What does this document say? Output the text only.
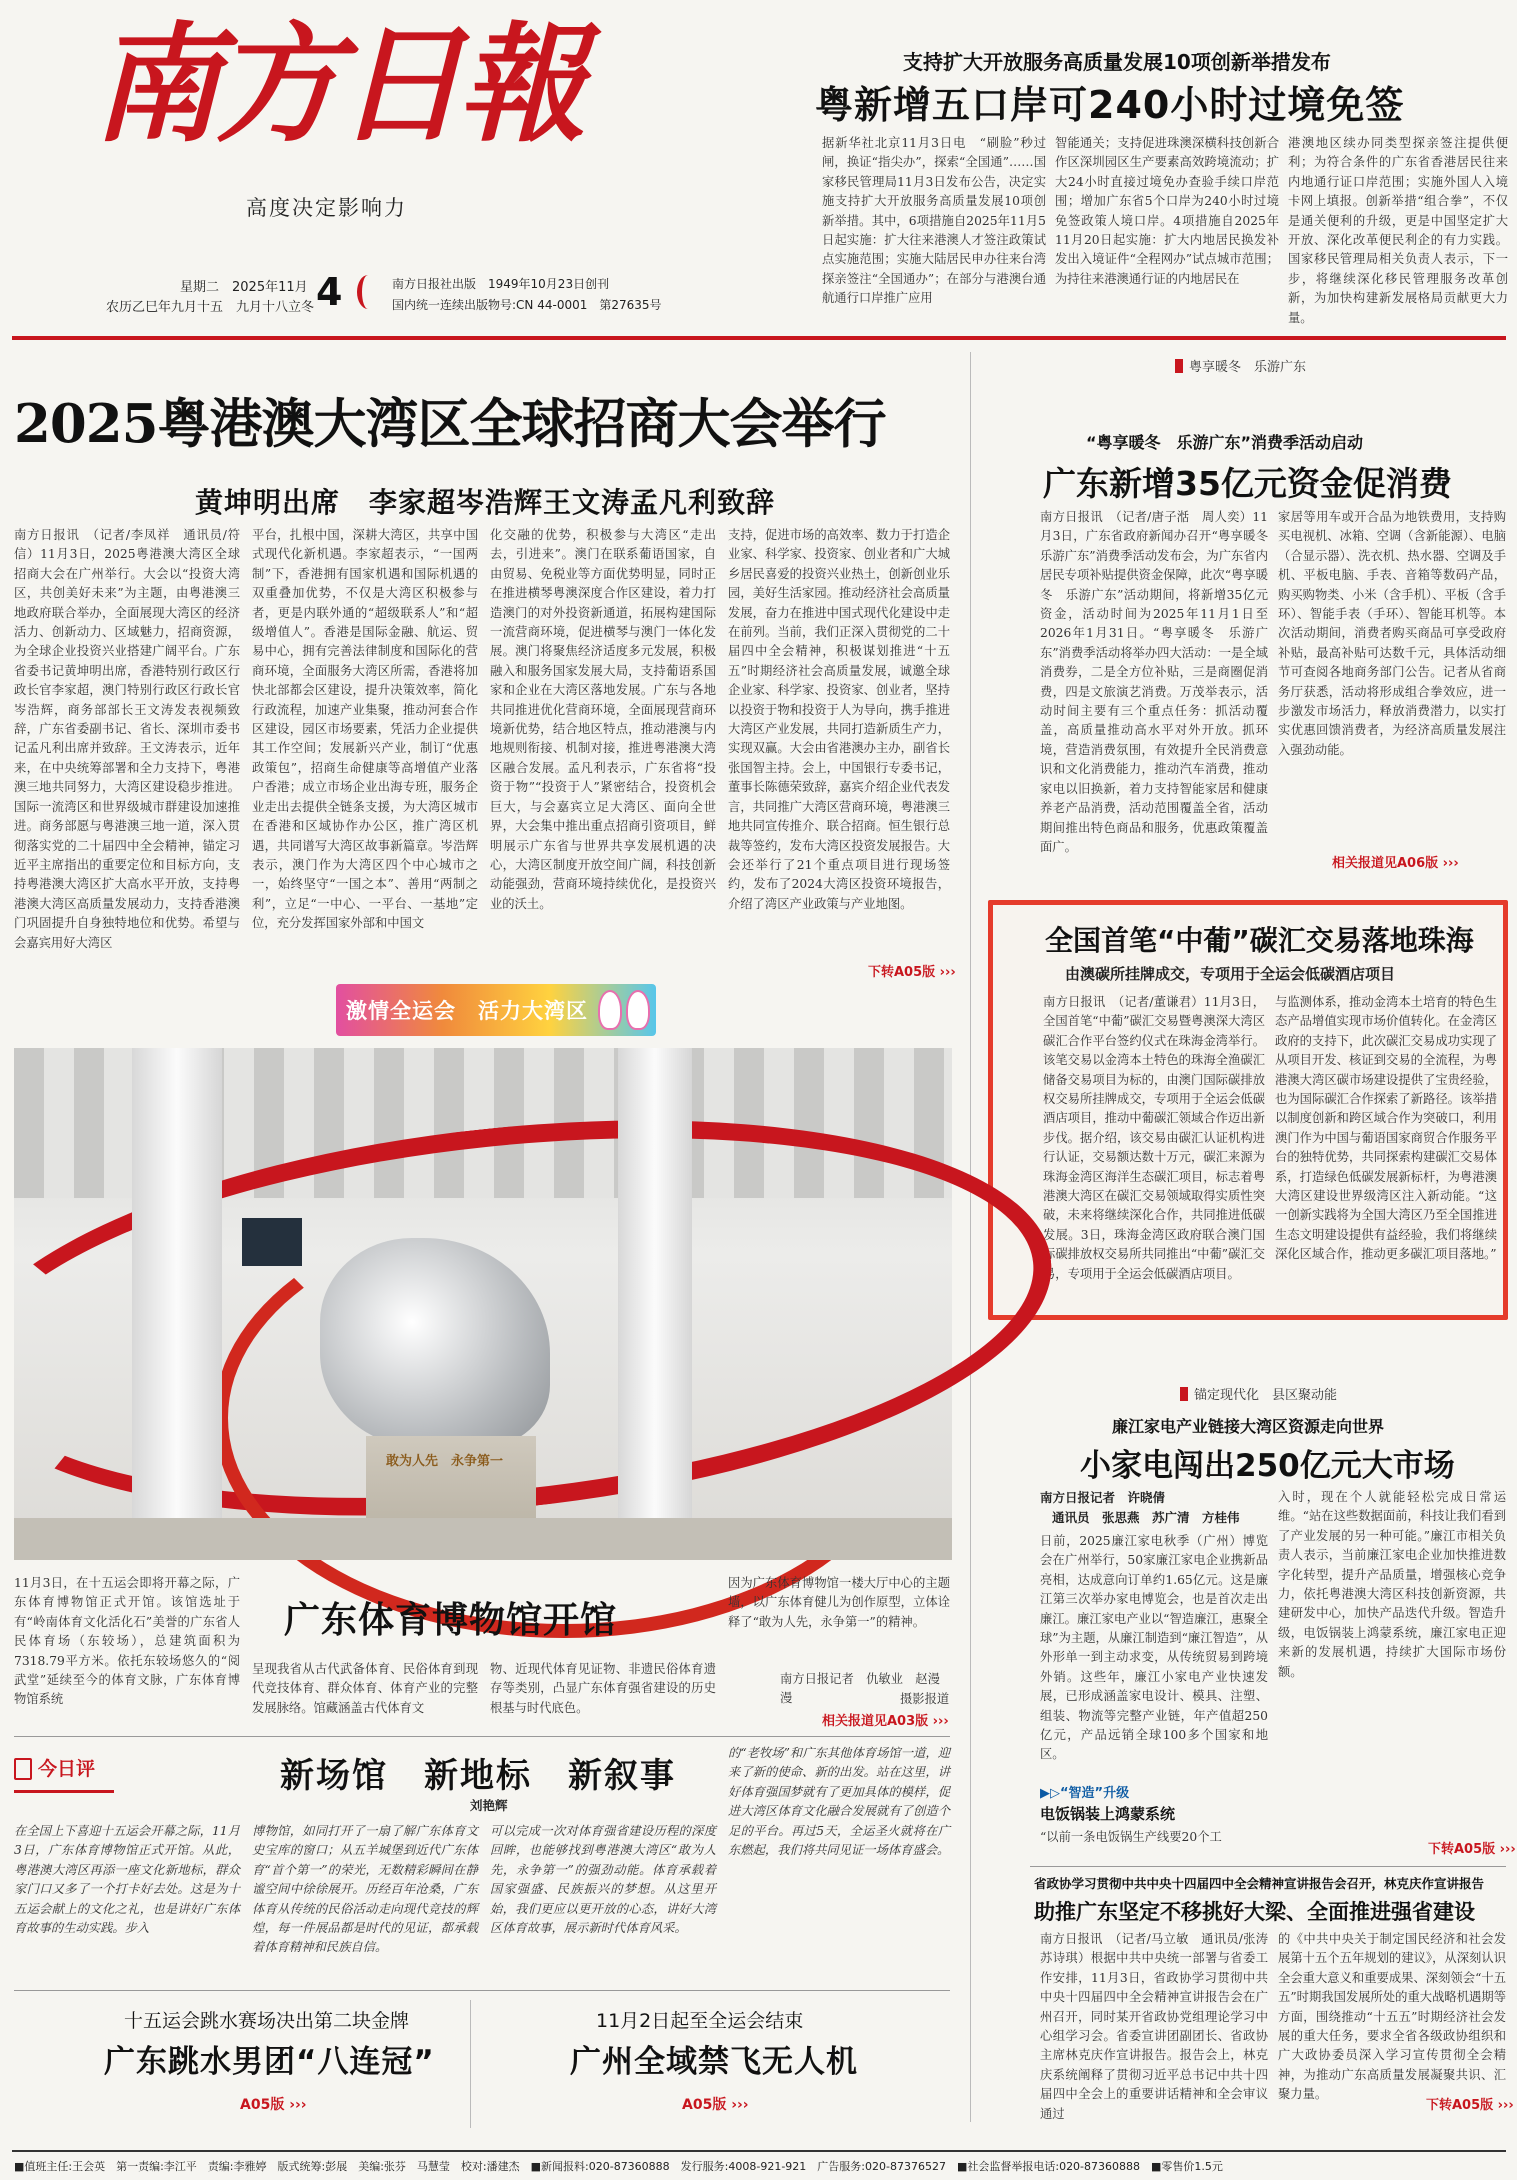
南方日報
高度决定影响力
星期二　2025年11月
农历乙巳年九月十五　九月十八立冬 4	南方日报社出版　1949年10月23日创刊
国内统一连续出版物号:CN 44-0001　第27635号
支持扩大开放服务高质量发展10项创新举措发布
粤新增五口岸可240小时过境免签
据新华社北京11月3日电　“刷脸”秒过闸，换证“指尖办”，探索“全国通”……国家移民管理局11月3日发布公告，决定实施支持扩大开放服务高质量发展10项创新举措。其中，6项措施自2025年11月5日起实施：扩大往来港澳人才签注政策试点实施范围；实施大陆居民申办往来台湾探亲签注“全国通办”；在部分与港澳台通航通行口岸推广应用
智能通关；支持促进珠澳深横科技创新合作区深圳园区生产要素高效跨境流动；扩大24小时直接过境免办查验手续口岸范围；增加广东省5个口岸为240小时过境免签政策人境口岸。4项措施自2025年11月20日起实施：扩大内地居民换发补发出入境证件“全程网办”试点城市范围；为持往来港澳通行证的内地居民在
港澳地区续办同类型探亲签注提供便利；为符合条件的广东省香港居民往来内地通行证口岸范围；实施外国人入境卡网上填报。创新举措“组合拳”，不仅是通关便利的升级，更是中国坚定扩大开放、深化改革便民利企的有力实践。国家移民管理局相关负责人表示，下一步，将继续深化移民管理服务改革创新，为加快构建新发展格局贡献更大力量。
2025粤港澳大湾区全球招商大会举行
黄坤明出席　李家超岑浩辉王文涛孟凡利致辞
南方日报讯　（记者/李凤祥　通讯员/符信）11月3日，2025粤港澳大湾区全球招商大会在广州举行。大会以“投资大湾区，共创美好未来”为主题，由粤港澳三地政府联合举办，全面展现大湾区的经济活力、创新动力、区域魅力，招商资源，为全球企业投资兴业搭建广阔平台。广东省委书记黄坤明出席，香港特别行政区行政长官李家超，澳门特别行政区行政长官岑浩辉，商务部部长王文涛发表视频致辞，广东省委副书记、省长、深圳市委书记孟凡利出席并致辞。王文涛表示，近年来，在中央统筹部署和全力支持下，粤港澳三地共同努力，大湾区建设稳步推进。国际一流湾区和世界级城市群建设加速推进。商务部愿与粤港澳三地一道，深入贯彻落实党的二十届四中全会精神，锚定习近平主席指出的重要定位和目标方向，支持粤港澳大湾区扩大高水平开放，支持粤港澳大湾区高质量发展动力，支持香港澳门巩固提升自身独特地位和优势。希望与会嘉宾用好大湾区
平台，扎根中国，深耕大湾区，共享中国式现代化新机遇。李家超表示，“一国两制”下，香港拥有国家机遇和国际机遇的双重叠加优势，不仅是大湾区积极参与者，更是内联外通的“超级联系人”和“超级增值人”。香港是国际金融、航运、贸易中心，拥有完善法律制度和国际化的营商环境，全面服务大湾区所需，香港将加快北部都会区建设，提升决策效率，简化行政流程，加速产业集聚，推动河套合作区建设，园区市场要素，凭活力企业提供其工作空间；发展新兴产业，制订“优惠政策包”，招商生命健康等高增值产业落户香港；成立市场企业出海专班，服务企业走出去提供全链条支援，为大湾区城市在香港和区域协作办公区，推广湾区机遇，共同谱写大湾区故事新篇章。岑浩辉表示，澳门作为大湾区四个中心城市之一，始终坚守“一国之本”、善用“两制之利”，立足“一中心、一平台、一基地”定位，充分发挥国家外部和中国文
化交融的优势，积极参与大湾区“走出去，引进来”。澳门在联系葡语国家，自由贸易、免税业等方面优势明显，同时正在推进横琴粤澳深度合作区建设，着力打造澳门的对外投资新通道，拓展构建国际一流营商环境，促进横琴与澳门一体化发展。澳门将聚焦经济适度多元发展，积极融入和服务国家发展大局，支持葡语系国家和企业在大湾区落地发展。广东与各地共同推进优化营商环境，全面展现营商环境新优势，结合地区特点，推动港澳与内地规则衔接、机制对接，推进粤港澳大湾区融合发展。孟凡利表示，广东省将“投资于物”“投资于人”紧密结合，投资机会巨大，与会嘉宾立足大湾区、面向全世界，大会集中推出重点招商引资项目，鲜明展示广东省与世界共享发展机遇的决心，大湾区制度开放空间广阔，科技创新动能强劲，营商环境持续优化，是投资兴业的沃土。
支持，促进市场的高效率、数力于打造企业家、科学家、投资家、创业者和广大城乡居民喜爱的投资兴业热土，创新创业乐园，美好生活家园。推动经济社会高质量发展，奋力在推进中国式现代化建设中走在前列。当前，我们正深入贯彻党的二十届四中全会精神，积极谋划推进“十五五”时期经济社会高质量发展，诚邀全球企业家、科学家、投资家、创业者，坚持以投资于物和投资于人为导向，携手推进大湾区产业发展，共同打造新质生产力，实现双赢。大会由省港澳办主办，副省长张国智主持。会上，中国银行专委书记，董事长陈德荣致辞，嘉宾介绍企业代表发言，共同推广大湾区营商环境，粤港澳三地共同宣传推介、联合招商。恒生银行总裁等签约，发布大湾区投资发展报告。大会还举行了21个重点项目进行现场签约，发布了2024大湾区投资环境报告，介绍了湾区产业政策与产业地图。
下转A05版 ›››
粤享暖冬　乐游广东
“粤享暖冬　乐游广东”消费季活动启动
广东新增35亿元资金促消费
南方日报讯　（记者/唐子湉　周人奕）11月3日，广东省政府新闻办召开“粤享暖冬　乐游广东”消费季活动发布会，为广东省内居民专项补贴提供资金保障，此次“粤享暖冬　乐游广东”活动期间，将新增35亿元资金，活动时间为2025年11月1日至2026年1月31日。“粤享暖冬　乐游广东”消费季活动将举办四大活动：一是全域消费券，二是全方位补贴，三是商圈促消费，四是文旅演艺消费。万茂举表示，活动时间主要有三个重点任务：抓活动覆盖，高质量推动高水平对外开放。抓环境，营造消费氛围，有效提升全民消费意识和文化消费能力，推动汽车消费，推动家电以旧换新，着力支持智能家居和健康养老产品消费，活动范围覆盖全省，活动期间推出特色商品和服务，优惠政策覆盖面广。
家居等用车或开合品为地铁费用，支持购买电视机、冰箱、空调（含新能源）、电脑（合显示器）、洗衣机、热水器、空调及手机、平板电脑、手表、音箱等数码产品，购买购物类、小米（含手机）、平板（含手环）、智能手表（手环）、智能耳机等。本次活动期间，消费者购买商品可享受政府补贴，最高补贴可达数千元，具体活动细节可查阅各地商务部门公告。记者从省商务厅获悉，活动将形成组合拳效应，进一步激发市场活力，释放消费潜力，以实打实优惠回馈消费者，为经济高质量发展注入强劲动能。
相关报道见A06版 ›››
全国首笔“中葡”碳汇交易落地珠海
由澳碳所挂牌成交，专项用于全运会低碳酒店项目
南方日报讯　（记者/董谦君）11月3日，全国首笔“中葡”碳汇交易暨粤澳深大湾区碳汇合作平台签约仪式在珠海金湾举行。该笔交易以金湾本土特色的珠海全渔碳汇储备交易项目为标的，由澳门国际碳排放权交易所挂牌成交，专项用于全运会低碳酒店项目，推动中葡碳汇领域合作迈出新步伐。据介绍，该交易由碳汇认证机构进行认证，交易额达数十万元，碳汇来源为珠海金湾区海洋生态碳汇项目，标志着粤港澳大湾区在碳汇交易领域取得实质性突破，未来将继续深化合作，共同推进低碳发展。3日，珠海金湾区政府联合澳门国际碳排放权交易所共同推出“中葡”碳汇交易，专项用于全运会低碳酒店项目。
与监测体系，推动金湾本土培育的特色生态产品增值实现市场价值转化。在金湾区政府的支持下，此次碳汇交易成功实现了从项目开发、核证到交易的全流程，为粤港澳大湾区碳市场建设提供了宝贵经验，也为国际碳汇合作探索了新路径。该举措以制度创新和跨区域合作为突破口，利用澳门作为中国与葡语国家商贸合作服务平台的独特优势，共同探索构建碳汇交易体系，打造绿色低碳发展新标杆，为粤港澳大湾区建设世界级湾区注入新动能。“这一创新实践将为全国大湾区乃至全国推进生态文明建设提供有益经验，我们将继续深化区域合作，推动更多碳汇项目落地。”
锚定现代化　县区聚动能
廉江家电产业链接大湾区资源走向世界
小家电闯出250亿元大市场
南方日报记者　许晓倩
通讯员　张思燕　苏广清　方桂伟
日前，2025廉江家电秋季（广州）博览会在广州举行，50家廉江家电企业携新品亮相，达成意向订单约1.65亿元。这是廉江第三次举办家电博览会，也是首次走出廉江。廉江家电产业以“智造廉江，惠聚全球”为主题，从廉江制造到“廉江智造”，从外形单一到主动求变，从传统贸易到跨境外销。这些年，廉江小家电产业快速发展，已形成涵盖家电设计、模具、注塑、组装、物流等完整产业链，年产值超250亿元，产品远销全球100多个国家和地区。
▶▷“智造”升级
电饭锅装上鸿蒙系统
“以前一条电饭锅生产线要20个工
入时，现在个人就能轻松完成日常运维。“站在这些数据面前，科技让我们看到了产业发展的另一种可能。”廉江市相关负责人表示，当前廉江家电企业加快推进数字化转型，提升产品质量，增强核心竞争力，依托粤港澳大湾区科技创新资源，共建研发中心，加快产品迭代升级。智造升级，电饭锅装上鸿蒙系统，廉江家电正迎来新的发展机遇，持续扩大国际市场份额。
下转A05版 ›››
省政协学习贯彻中共中央十四届四中全会精神宣讲报告会召开，林克庆作宣讲报告
助推广东坚定不移挑好大梁、全面推进强省建设
南方日报讯　（记者/马立敏　通讯员/张涛　苏诗琪）根据中共中央统一部署与省委工作安排，11月3日，省政协学习贯彻中共中央十四届四中全会精神宣讲报告会在广州召开，同时某开省政协党组理论学习中心组学习会。省委宣讲团副团长、省政协主席林克庆作宣讲报告。报告会上，林克庆系统阐释了贯彻习近平总书记中共十四届四中全会上的重要讲话精神和全会审议通过
的《中共中央关于制定国民经济和社会发展第十五个五年规划的建议》，从深刻认识全会重大意义和重要成果、深刻领会“十五五”时期我国发展所处的重大战略机遇期等方面，围绕推动“十五五”时期经济社会发展的重大任务，要求全省各级政协组织和广大政协委员深入学习宣传贯彻全会精神，为推动广东高质量发展凝聚共识、汇聚力量。
下转A05版 ›››
激情全运会　活力大湾区
敢为人先　永争第一
11月3日，在十五运会即将开幕之际，广东体育博物馆正式开馆。该馆选址于有“岭南体育文化活化石”美誉的广东省人民体育场（东较场），总建筑面积为7318.79平方米。依托东较场悠久的“阅武堂”延续至今的体育文脉，广东体育博物馆系统
广东体育博物馆开馆
呈现我省从古代武备体育、民俗体育到现代竞技体育、群众体育、体育产业的完整发展脉络。馆藏涵盖古代体育文
物、近现代体育见证物、非遗民俗体育遗存等类别，凸显广东体育强省建设的历史根基与时代底色。
因为广东体育博物馆一楼大厅中心的主题墙，以广东体育健儿为创作原型，立体诠释了“敢为人先，永争第一”的精神。
南方日报记者　仇敏业　赵漫漫	摄影报道
相关报道见A03版 ›››
今日评	新场馆　新地标　新叙事
刘艳辉
在全国上下喜迎十五运会开幕之际，11月3日，广东体育博物馆正式开馆。从此，粤港澳大湾区再添一座文化新地标，群众家门口又多了一个打卡好去处。这是为十五运会献上的文化之礼，也是讲好广东体育故事的生动实践。步入
博物馆，如同打开了一扇了解广东体育文史宝库的窗口；从五羊城堡到近代广东体育“首个第一”的荣光，无数精彩瞬间在静谧空间中徐徐展开。历经百年沧桑，广东体育从传统的民俗活动走向现代竞技的辉煌，每一件展品都是时代的见证，都承载着体育精神和民族自信。
可以完成一次对体育强省建设历程的深度回眸，也能够找到粤港澳大湾区“敢为人先，永争第一”的强劲动能。体育承载着国家强盛、民族振兴的梦想。从这里开始，我们更应以更开放的心态，讲好大湾区体育故事，展示新时代体育风采。
的“老牧场”和广东其他体育场馆一道，迎来了新的使命、新的出发。站在这里，讲好体育强国梦就有了更加具体的模样，促进大湾区体育文化融合发展就有了创造个足的平台。再过5天，全运圣火就将在广东燃起，我们将共同见证一场体育盛会。
十五运会跳水赛场决出第二块金牌
广东跳水男团“八连冠”
A05版 ›››
11月2日起至全运会结束
广州全域禁飞无人机
A05版 ›››
■值班主任:王会英　第一责编:李江平　责编:李雅婷　版式统筹:彭展　美编:张芬　马慧莹　校对:潘建杰　■新闻报料:020-87360888　发行服务:4008-921-921　广告服务:020-87376527　■社会监督举报电话:020-87360888　■零售价1.5元
